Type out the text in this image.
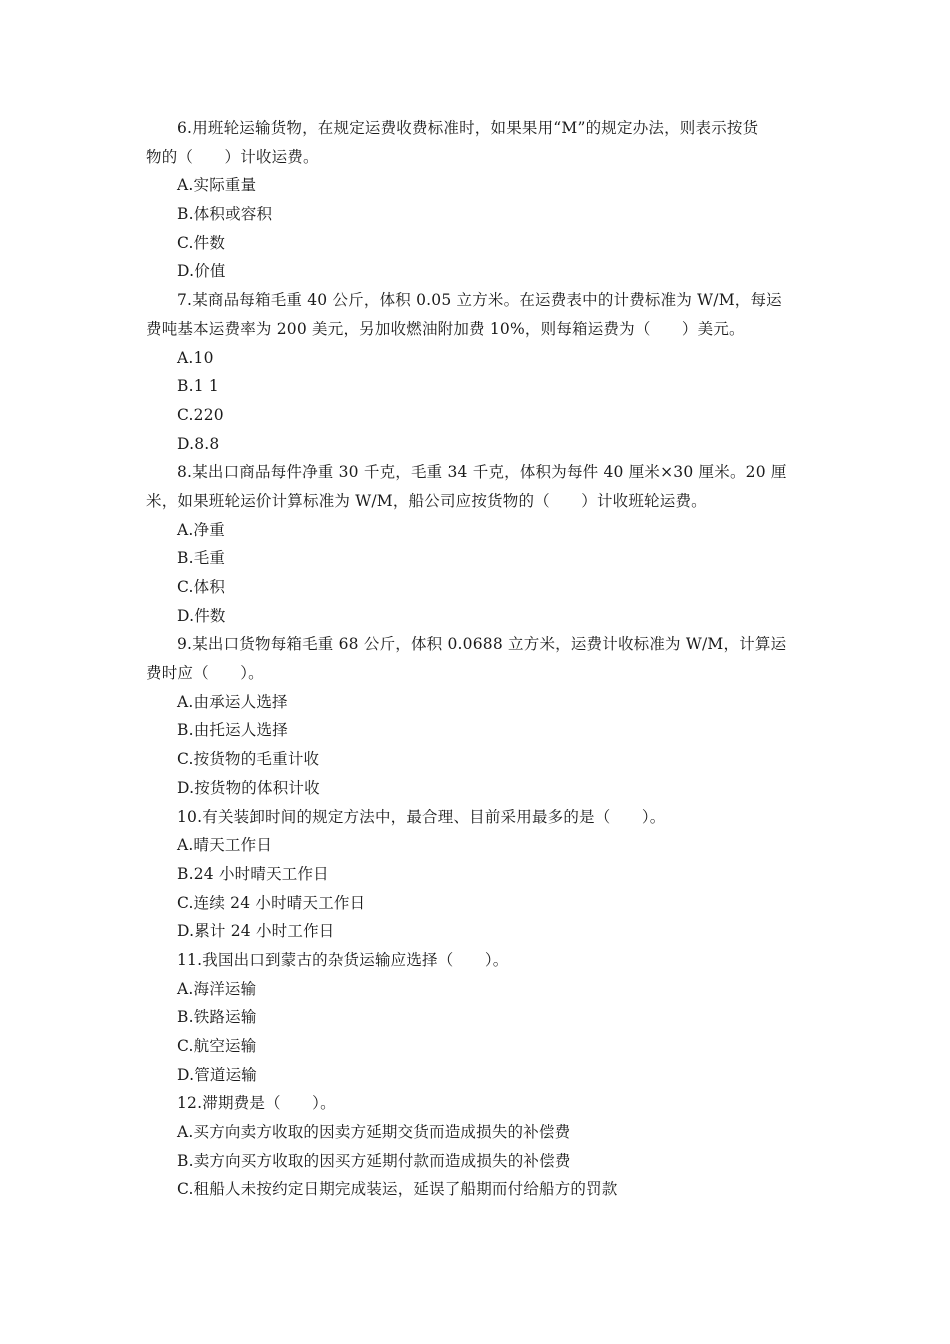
6.用班轮运输货物，在规定运费收费标准时，如果果用“M”的规定办法，则表示按货
物的（　　）计收运费。
A.实际重量
B.体积或容积
C.件数
D.价值
7.某商品每箱毛重 40 公斤，体积 0.05 立方米。在运费表中的计费标准为 W/M，每运
费吨基本运费率为 200 美元，另加收燃油附加费 10%，则每箱运费为（　　）美元。
A.10
B.1 1
C.220
D.8.8
8.某出口商品每件净重 30 千克，毛重 34 千克，体积为每件 40 厘米×30 厘米。20 厘
米，如果班轮运价计算标准为 W/M，船公司应按货物的（　　）计收班轮运费。
A.净重
B.毛重
C.体积
D.件数
9.某出口货物每箱毛重 68 公斤，体积 0.0688 立方米，运费计收标准为 W/M，计算运
费时应（　　）。
A.由承运人选择
B.由托运人选择
C.按货物的毛重计收
D.按货物的体积计收
10.有关装卸时间的规定方法中，最合理、目前采用最多的是（　　）。
A.晴天工作日
B.24 小时晴天工作日
C.连续 24 小时晴天工作日
D.累计 24 小时工作日
11.我国出口到蒙古的杂货运输应选择（　　）。
A.海洋运输
B.铁路运输
C.航空运输
D.管道运输
12.滞期费是（　　）。
A.买方向卖方收取的因卖方延期交货而造成损失的补偿费
B.卖方向买方收取的因买方延期付款而造成损失的补偿费
C.租船人未按约定日期完成装运，延误了船期而付给船方的罚款
